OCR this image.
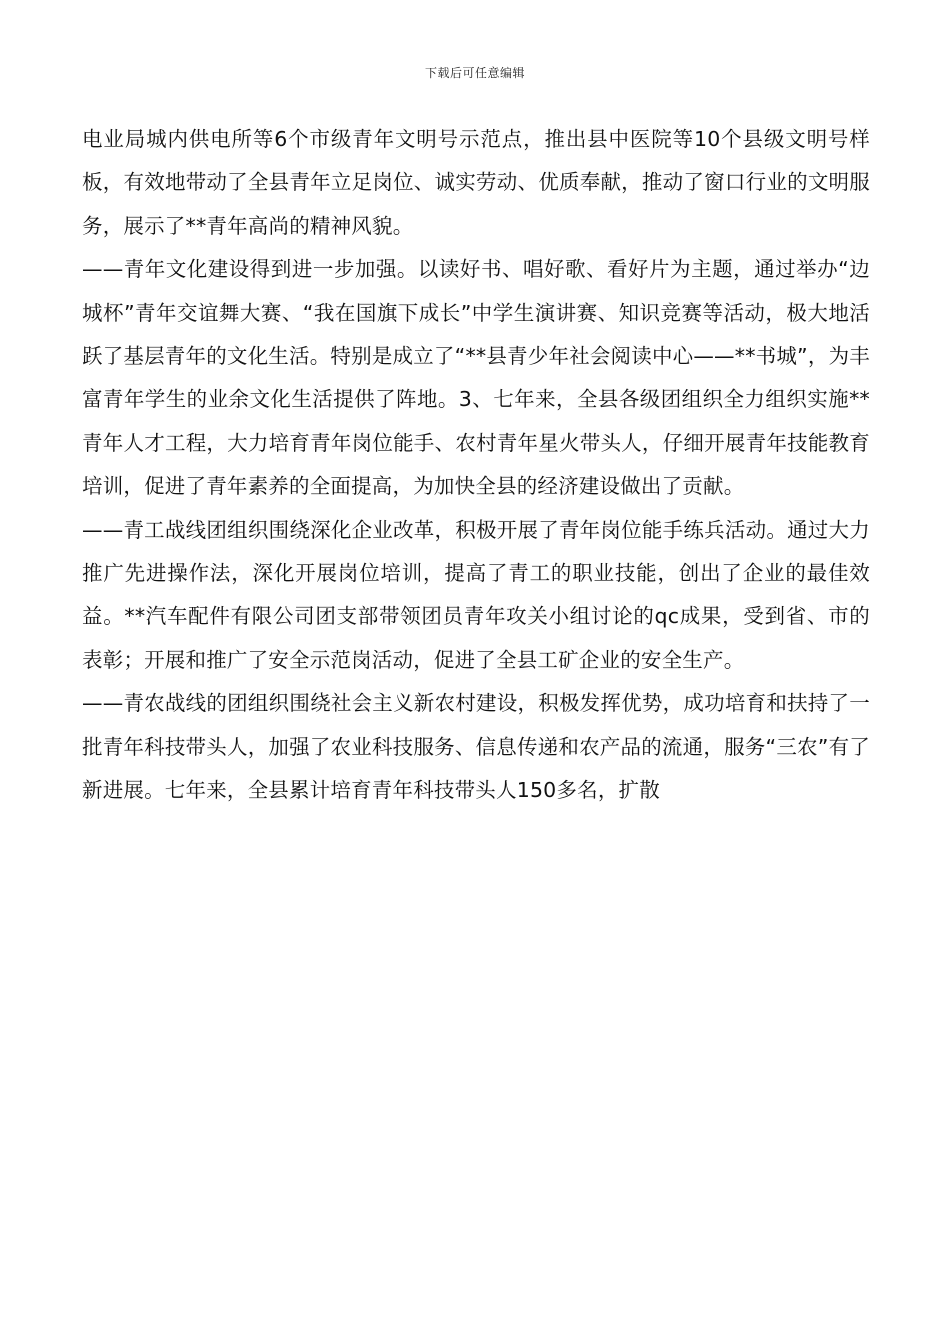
下载后可任意编辑

电业局城内供电所等6个市级青年文明号示范点，推出县中医院等10个县级文明号样板，有效地带动了全县青年立足岗位、诚实劳动、优质奉献，推动了窗口行业的文明服务，展示了**青年高尚的精神风貌。

——青年文化建设得到进一步加强。以读好书、唱好歌、看好片为主题，通过举办“边城杯”青年交谊舞大赛、“我在国旗下成长”中学生演讲赛、知识竞赛等活动，极大地活跃了基层青年的文化生活。特别是成立了“**县青少年社会阅读中心——**书城”，为丰富青年学生的业余文化生活提供了阵地。3、七年来，全县各级团组织全力组织实施**青年人才工程，大力培育青年岗位能手、农村青年星火带头人，仔细开展青年技能教育培训，促进了青年素养的全面提高，为加快全县的经济建设做出了贡献。

——青工战线团组织围绕深化企业改革，积极开展了青年岗位能手练兵活动。通过大力推广先进操作法，深化开展岗位培训，提高了青工的职业技能，创出了企业的最佳效益。**汽车配件有限公司团支部带领团员青年攻关小组讨论的qc成果，受到省、市的表彰；开展和推广了安全示范岗活动，促进了全县工矿企业的安全生产。

——青农战线的团组织围绕社会主义新农村建设，积极发挥优势，成功培育和扶持了一批青年科技带头人，加强了农业科技服务、信息传递和农产品的流通，服务“三农”有了新进展。七年来，全县累计培育青年科技带头人150多名，扩散
